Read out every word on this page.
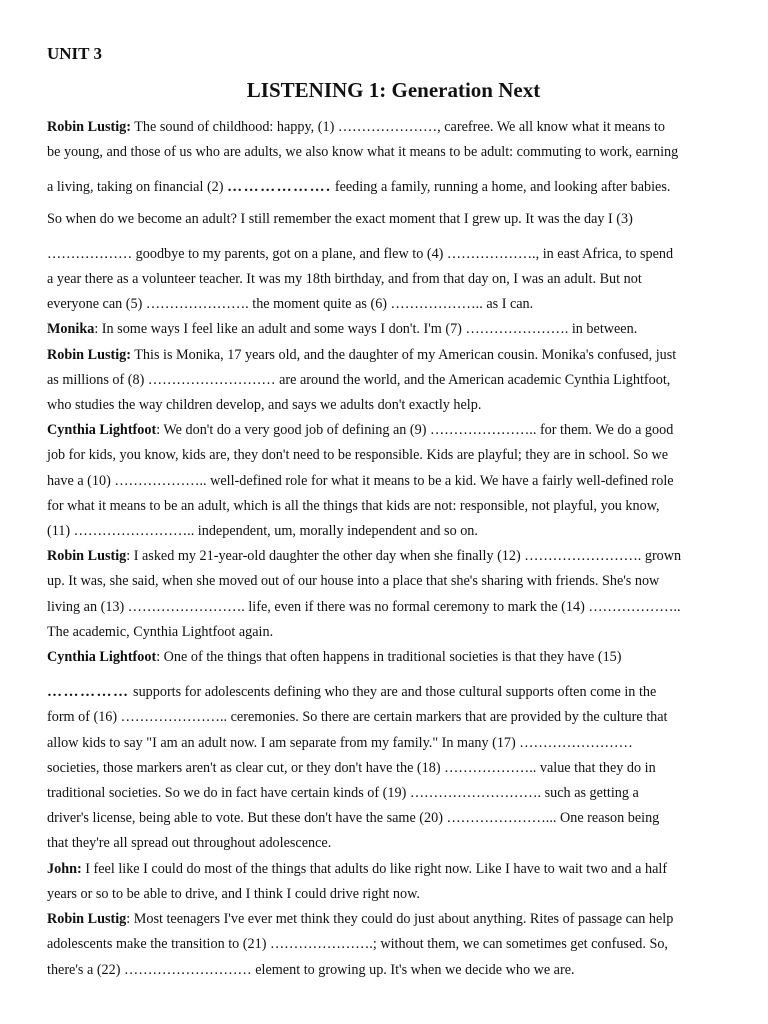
UNIT 3
LISTENING 1: Generation Next

Robin Lustig: The sound of childhood: happy, (1) …………………, carefree. We all know what it means to
be young, and those of us who are adults, we also know what it means to be adult: commuting to work, earning
a living, taking on financial (2) ………………. feeding a family, running a home, and looking after babies.
So when do we become an adult? I still remember the exact moment that I grew up. It was the day I (3)
……………… goodbye to my parents, got on a plane, and flew to (4) ………………., in east Africa, to spend
a year there as a volunteer teacher. It was my 18th birthday, and from that day on, I was an adult. But not
everyone can (5) …………………. the moment quite as (6) ……………….. as I can.

Monika: In some ways I feel like an adult and some ways I don't. I'm (7) …………………. in between.

Robin Lustig: This is Monika, 17 years old, and the daughter of my American cousin. Monika's confused, just
as millions of (8) ……………………… are around the world, and the American academic Cynthia Lightfoot,
who studies the way children develop, and says we adults don't exactly help.

Cynthia Lightfoot: We don't do a very good job of defining an (9) ………………….. for them. We do a good
job for kids, you know, kids are, they don't need to be responsible. Kids are playful; they are in school. So we
have a (10) ……………….. well-defined role for what it means to be a kid. We have a fairly well-defined role
for what it means to be an adult, which is all the things that kids are not: responsible, not playful, you know,
(11) …………………….. independent, um, morally independent and so on.

Robin Lustig: I asked my 21-year-old daughter the other day when she finally (12) ……………………. grown
up. It was, she said, when she moved out of our house into a place that she's sharing with friends. She's now
living an (13) ……………………. life, even if there was no formal ceremony to mark the (14) ………………..
The academic, Cynthia Lightfoot again.

Cynthia Lightfoot: One of the things that often happens in traditional societies is that they have (15)
…………… supports for adolescents defining who they are and those cultural supports often come in the
form of (16) ………………….. ceremonies. So there are certain markers that are provided by the culture that
allow kids to say "I am an adult now. I am separate from my family." In many (17) ……………………
societies, those markers aren't as clear cut, or they don't have the (18) ……………….. value that they do in
traditional societies. So we do in fact have certain kinds of (19) ………………………. such as getting a
driver's license, being able to vote. But these don't have the same (20) …………………... One reason being
that they're all spread out throughout adolescence.

John: I feel like I could do most of the things that adults do like right now. Like I have to wait two and a half
years or so to be able to drive, and I think I could drive right now.

Robin Lustig: Most teenagers I've ever met think they could do just about anything. Rites of passage can help
adolescents make the transition to (21) ………………….; without them, we can sometimes get confused. So,
there's a (22) ……………………… element to growing up. It's when we decide who we are.
